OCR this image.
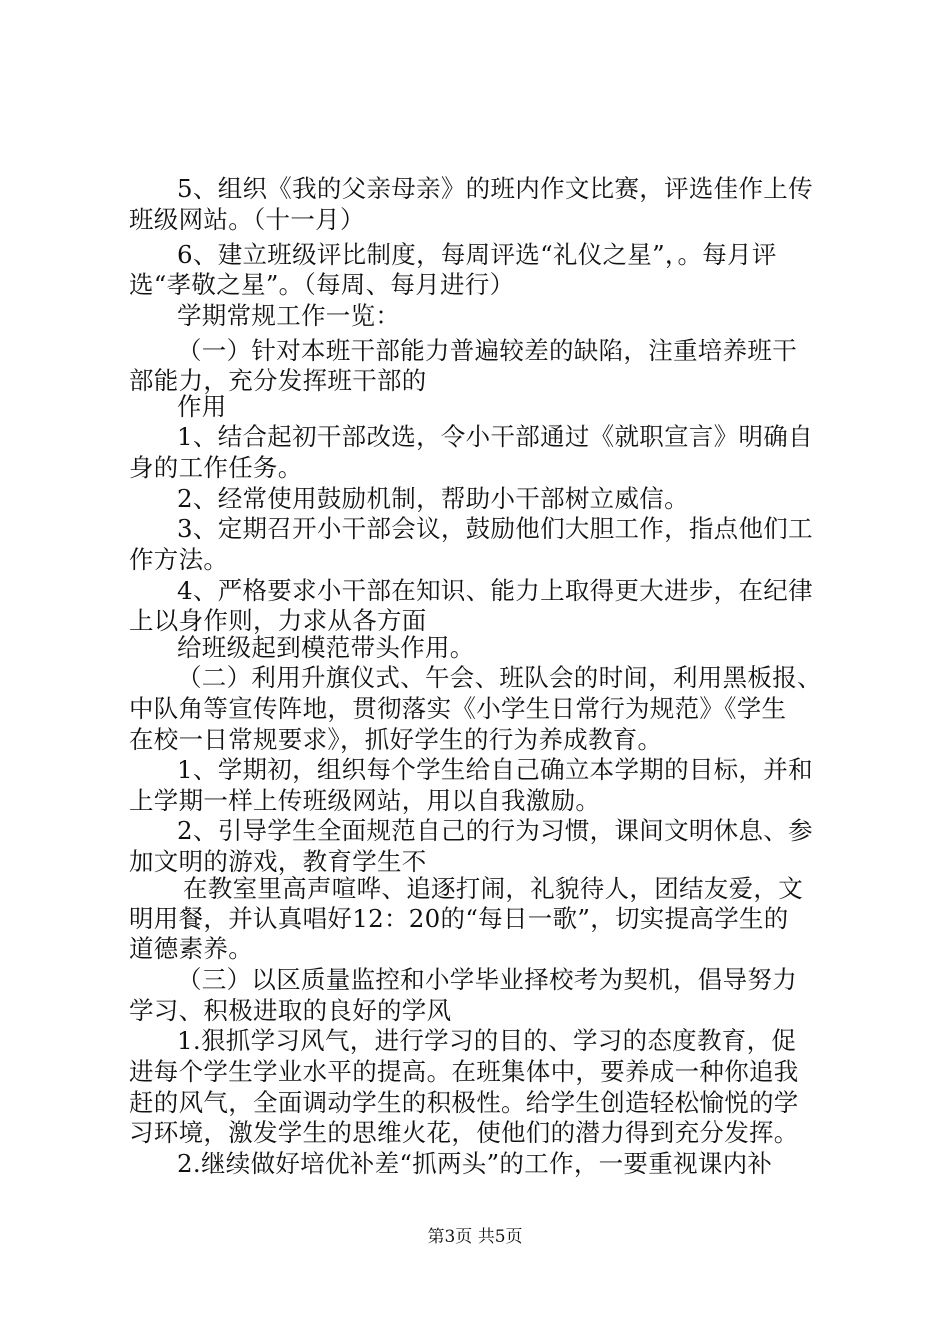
5、组织《我的父亲母亲》的班内作文比赛，评选佳作上传
班级网站。（十一月）
6、建立班级评比制度，每周评选“礼仪之星”，。每月评
选“孝敬之星”。（每周、每月进行）
学期常规工作一览：
（一）针对本班干部能力普遍较差的缺陷，注重培养班干
部能力，充分发挥班干部的
作用
1、结合起初干部改选，令小干部通过《就职宣言》明确自
身的工作任务。
2、经常使用鼓励机制，帮助小干部树立威信。
3、定期召开小干部会议，鼓励他们大胆工作，指点他们工
作方法。
4、严格要求小干部在知识、能力上取得更大进步，在纪律
上以身作则，力求从各方面
给班级起到模范带头作用。
（二）利用升旗仪式、午会、班队会的时间，利用黑板报、
中队角等宣传阵地，贯彻落实《小学生日常行为规范》《学生
在校一日常规要求》，抓好学生的行为养成教育。
1、学期初，组织每个学生给自己确立本学期的目标，并和
上学期一样上传班级网站，用以自我激励。
2、引导学生全面规范自己的行为习惯，课间文明休息、参
加文明的游戏，教育学生不
在教室里高声喧哗、追逐打闹，礼貌待人，团结友爱，文
明用餐，并认真唱好12：20的“每日一歌”，切实提高学生的
道德素养。
（三）以区质量监控和小学毕业择校考为契机，倡导努力
学习、积极进取的良好的学风
1.狠抓学习风气，进行学习的目的、学习的态度教育，促
进每个学生学业水平的提高。在班集体中，要养成一种你追我
赶的风气，全面调动学生的积极性。给学生创造轻松愉悦的学
习环境，激发学生的思维火花，使他们的潜力得到充分发挥。
2.继续做好培优补差“抓两头”的工作，一要重视课内补
第3页 共5页
